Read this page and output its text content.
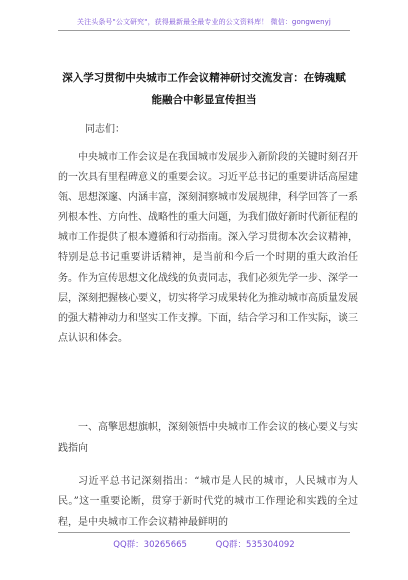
关注头条号"公文研究"，获得最新最全最专业的公文资料库！ 微信：gongwenyj
深入学习贯彻中央城市工作会议精神研讨交流发言：在铸魂赋能融合中彰显宣传担当
同志们：

中央城市工作会议是在我国城市发展步入新阶段的关键时刻召开的一次具有里程碑意义的重要会议。习近平总书记的重要讲话高屋建瓴、思想深邃、内涵丰富，深刻洞察城市发展规律，科学回答了一系列根本性、方向性、战略性的重大问题，为我们做好新时代新征程的城市工作提供了根本遵循和行动指南。深入学习贯彻本次会议精神，特别是总书记重要讲话精神，是当前和今后一个时期的重大政治任务。作为宣传思想文化战线的负责同志，我们必须先学一步、深学一层，深刻把握核心要义，切实将学习成果转化为推动城市高质量发展的强大精神动力和坚实工作支撑。下面，结合学习和工作实际，谈三点认识和体会。

一、高擎思想旗帜，深刻领悟中央城市工作会议的核心要义与实践指向

习近平总书记深刻指出：“城市是人民的城市，人民城市为人民。”这一重要论断，贯穿于新时代党的城市工作理论和实践的全过程，是中央城市工作会议精神最鲜明的

QQ群：30265665	QQ群：535304092
